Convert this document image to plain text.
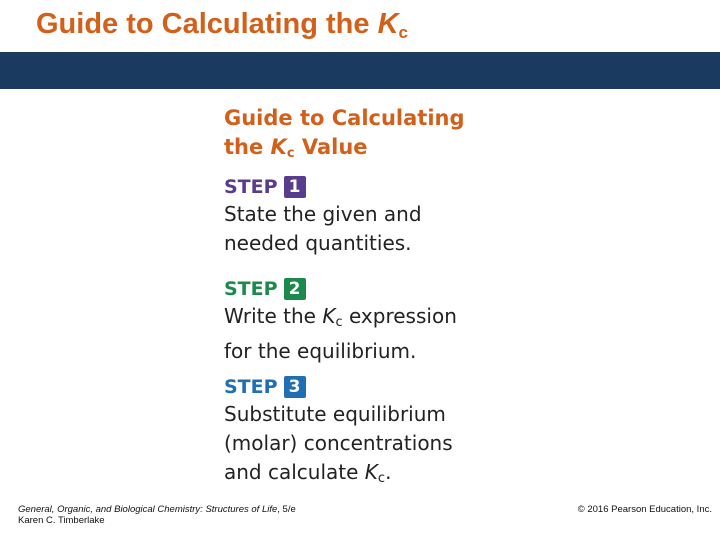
Guide to Calculating the $K_c$
Guide to Calculating
the $K_c$ Value
STEP 1
State the given and
needed quantities.
STEP 2
Write the $K_c$ expression
for the equilibrium.
STEP 3
Substitute equilibrium
(molar) concentrations
and calculate $K_c$.
General, Organic, and Biological Chemistry: Structures of Life, 5/e
Karen C. Timberlake
© 2016 Pearson Education, Inc.
